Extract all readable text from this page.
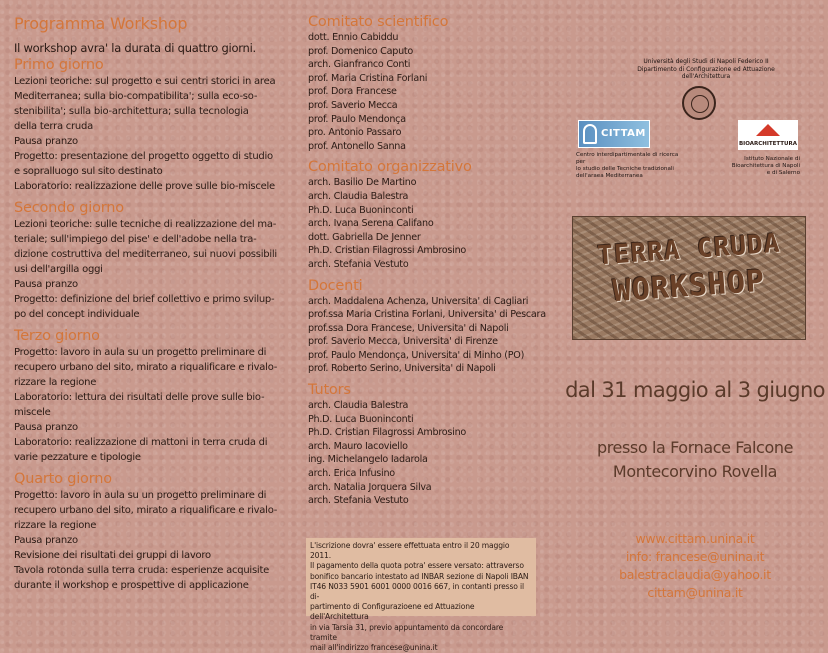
Programma Workshop

Il workshop avra' la durata di quattro giorni.

Primo giorno

Lezioni teoriche: sul progetto e sui centri storici in area

Mediterranea; sulla bio-compatibilita'; sulla eco-so-

stenibilita'; sulla bio-architettura; sulla tecnologia

della terra cruda

Pausa pranzo

Progetto: presentazione del progetto oggetto di studio

e sopralluogo sul sito destinato

Laboratorio: realizzazione delle prove sulle bio-miscele

Secondo giorno

Lezioni teoriche: sulle tecniche di realizzazione del ma-

teriale; sull'impiego del pise' e dell'adobe nella tra-

dizione costruttiva del mediterraneo, sui nuovi possibili

usi dell'argilla oggi

Pausa pranzo

Progetto: definizione del brief collettivo e primo svilup-

po del concept individuale

Terzo giorno

Progetto: lavoro in aula su un progetto preliminare di

recupero urbano del sito, mirato a riqualificare e rivalo-

rizzare la regione

Laboratorio: lettura dei risultati delle prove sulle bio-

miscele

Pausa pranzo

Laboratorio: realizzazione di mattoni in terra cruda di

varie pezzature e tipologie

Quarto giorno

Progetto: lavoro in aula su un progetto preliminare di

recupero urbano del sito, mirato a riqualificare e rivalo-

rizzare la regione

Pausa pranzo

Revisione dei risultati dei gruppi di lavoro

Tavola rotonda sulla terra cruda: esperienze acquisite

durante il workshop e prospettive di applicazione

Comitato scientifico
dott. Ennio Cabiddu
prof. Domenico Caputo
arch. Gianfranco Conti
prof. Maria Cristina Forlani
prof. Dora Francese
prof. Saverio Mecca
prof. Paulo Mendonça
pro. Antonio Passaro
prof. Antonello Sanna
Comitato organizzativo
arch. Basilio De Martino
arch. Claudia Balestra
Ph.D. Luca Buoninconti
arch. Ivana Serena Califano
dott. Gabriella De Jenner
Ph.D. Cristian Filagrossi Ambrosino
arch. Stefania Vestuto
Docenti
arch. Maddalena Achenza, Universita' di Cagliari
prof.ssa Maria Cristina Forlani, Universita' di Pescara
prof.ssa Dora Francese, Universita' di Napoli
prof. Saverio Mecca, Universita' di Firenze
prof. Paulo Mendonça, Universita' di Minho (PO)
prof. Roberto Serino, Universita' di Napoli
Tutors
arch. Claudia Balestra
Ph.D. Luca Buoninconti
Ph.D. Cristian Filagrossi Ambrosino
arch. Mauro Iacoviello
ing. Michelangelo Iadarola
arch. Erica Infusino
arch. Natalia Jorquera Silva
arch. Stefania Vestuto
L'iscrizione dovra' essere effettuata entro il 20 maggio 2011.
Il pagamento della quota potra' essere versato: attraverso
bonifico bancario intestato ad INBAR sezione di Napoli IBAN
IT46 N033 5901 6001 0000 0016 667, in contanti presso il di-
partimento di Configurazioene ed Attuazione dell'Architettura
in via Tarsia 31, previo appuntamento da concordare tramite
mail all'indirizzo francese@unina.it
Università degli Studi di Napoli Federico II
Dipartimento di Configurazione ed Attuazione
dell'Architettura
CITTAM
Centro interdipartimentale di ricerca per
lo studio delle Tecniche tradizionali
dell'araea Mediterranea
BIOARCHITETTURA
Istituto Nazionale di
Bioarchitettura di Napoli
e di Salerno
TERRA CRUDA
WORKSHOP
dal 31 maggio al 3 giugno
presso la Fornace Falcone
Montecorvino Rovella
www.cittam.unina.it
info: francese@unina.it
balestraclaudia@yahoo.it
cittam@unina.it
